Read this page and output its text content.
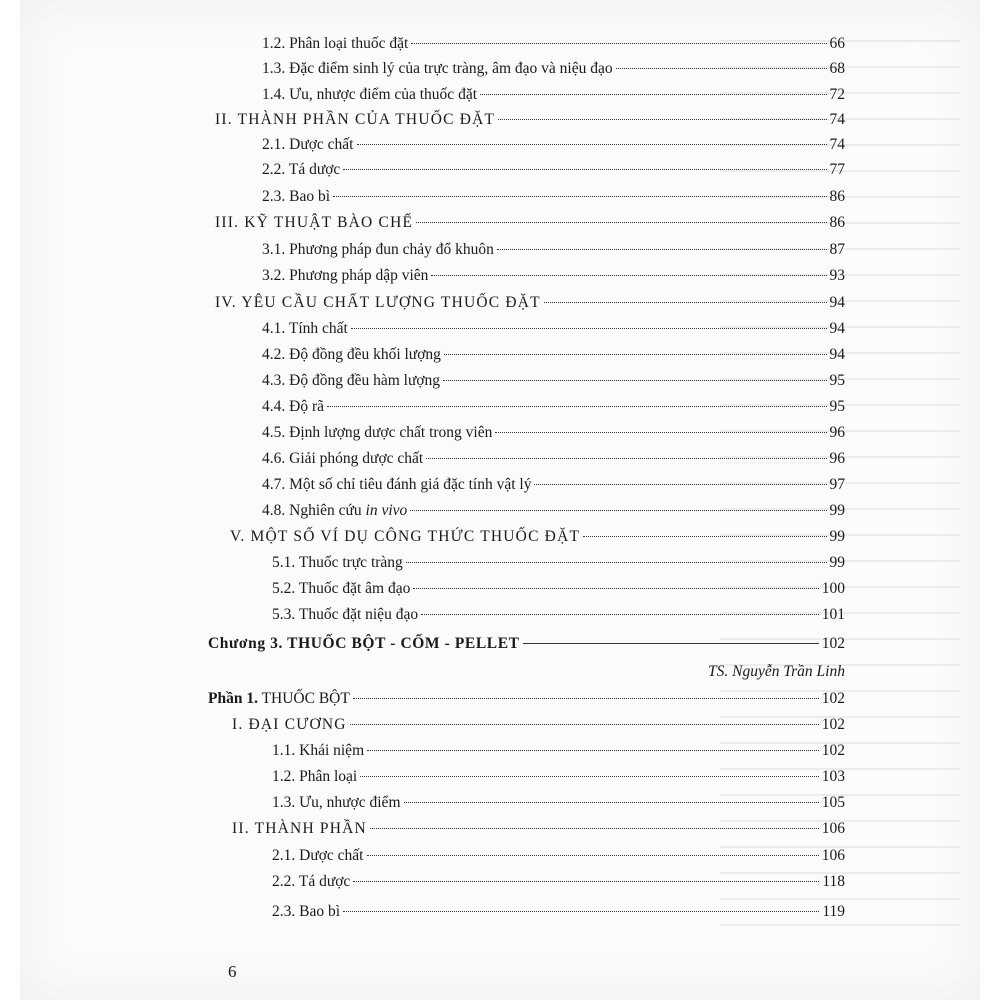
1.2. Phân loại thuốc đặt	66
1.3. Đặc điểm sinh lý của trực tràng, âm đạo và niệu đạo	68
1.4. Ưu, nhược điểm của thuốc đặt	72
II. THÀNH PHẦN CỦA THUỐC ĐẶT	74
2.1. Dược chất	74
2.2. Tá dược	77
2.3. Bao bì	86
III. KỸ THUẬT BÀO CHẾ	86
3.1. Phương pháp đun chảy đổ khuôn	87
3.2. Phương pháp dập viên	93
IV. YÊU CẦU CHẤT LƯỢNG THUỐC ĐẶT	94
4.1. Tính chất	94
4.2. Độ đồng đều khối lượng	94
4.3. Độ đồng đều hàm lượng	95
4.4. Độ rã	95
4.5. Định lượng dược chất trong viên	96
4.6. Giải phóng dược chất	96
4.7. Một số chỉ tiêu đánh giá đặc tính vật lý	97
4.8. Nghiên cứu in vivo	99
V. MỘT SỐ VÍ DỤ CÔNG THỨC THUỐC ĐẶT	99
5.1. Thuốc trực tràng	99
5.2. Thuốc đặt âm đạo	100
5.3. Thuốc đặt niệu đạo	101
Chương 3. THUỐC BỘT - CỐM - PELLET	102
TS. Nguyễn Trần Linh
Phần 1. THUỐC BỘT	102
I. ĐẠI CƯƠNG	102
1.1. Khái niệm	102
1.2. Phân loại	103
1.3. Ưu, nhược điểm	105
II. THÀNH PHẦN	106
2.1. Dược chất	106
2.2. Tá dược	118
2.3. Bao bì	119
6
